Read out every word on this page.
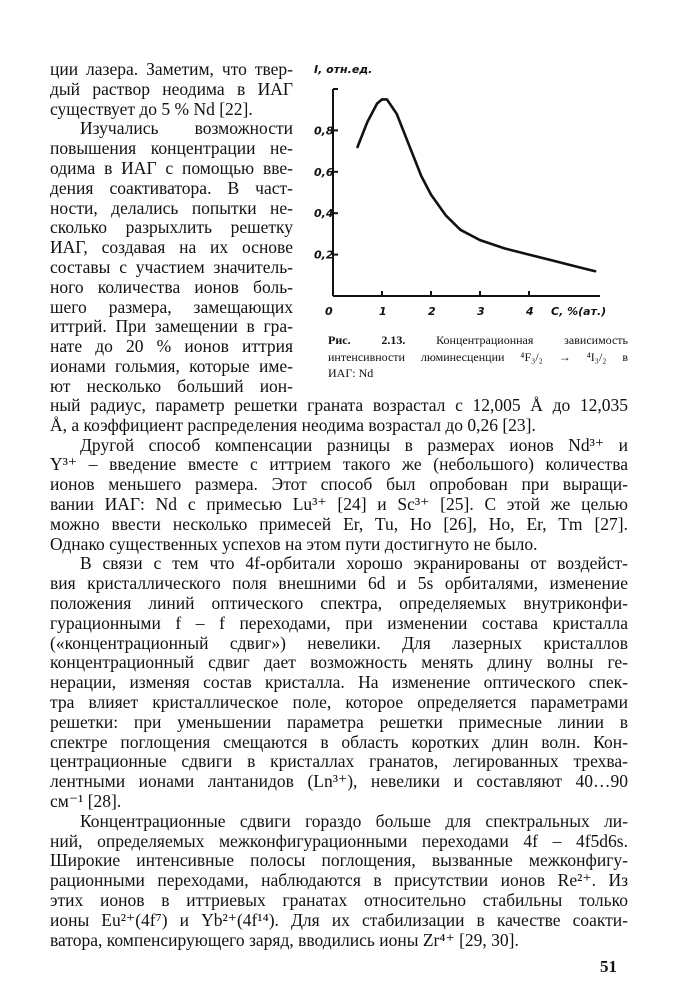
ции лазера. Заметим, что твер-
дый раствор неодима в ИАГ
существует до 5 % Nd [22].
Изучались возможности
повышения концентрации не-
одима в ИАГ с помощью вве-
дения соактиватора. В част-
ности, делались попытки не-
сколько разрыхлить решетку
ИАГ, создавая на их основе
составы с участием значитель-
ного количества ионов боль-
шего размера, замещающих
иттрий. При замещении в гра-
нате до 20 % ионов иттрия
ионами гольмия, которые име-
ют несколько больший ион-
0,2
0,4
0,6
0,8
0	1	2	3	4 C, %(ат.)
I, отн.ед.
Рис. 2.13.	Концентрационная зависимость
интенсивности люминесценции ⁴F₃/₂ → ⁴I₃/₂ в
ИАГ: Nd
ный радиус, параметр решетки граната возрастал с 12,005 Å до 12,035
Å, а коэффициент распределения неодима возрастал до 0,26 [23].
Другой способ компенсации разницы в размерах ионов Nd³⁺ и
Y³⁺ – введение вместе с иттрием такого же (небольшого) количества
ионов меньшего размера. Этот способ был опробован при выращи-
вании ИАГ: Nd с примесью Lu³⁺ [24] и Sc³⁺ [25]. С этой же целью
можно ввести несколько примесей Er, Tu, Ho [26], Ho, Er, Tm [27].
Однако существенных успехов на этом пути достигнуто не было.
В связи с тем что 4f-орбитали хорошо экранированы от воздейст-
вия кристаллического поля внешними 6d и 5s орбиталями, изменение
положения линий оптического спектра, определяемых внутриконфи-
гурационными f – f переходами, при изменении состава кристалла
(«концентрационный сдвиг») невелики. Для лазерных кристаллов
концентрационный сдвиг дает возможность менять длину волны ге-
нерации, изменяя состав кристалла. На изменение оптического спек-
тра влияет кристаллическое поле, которое определяется параметрами
решетки: при уменьшении параметра решетки примесные линии в
спектре поглощения смещаются в область коротких длин волн. Кон-
центрационные сдвиги в кристаллах гранатов, легированных трехва-
лентными ионами лантанидов (Ln³⁺), невелики и составляют 40…90
см⁻¹ [28].
Концентрационные сдвиги гораздо больше для спектральных ли-
ний, определяемых межконфигурационными переходами 4f – 4f5d6s.
Широкие интенсивные полосы поглощения, вызванные межконфигу-
рационными переходами, наблюдаются в присутствии ионов Re²⁺. Из
этих ионов в иттриевых гранатах относительно стабильны только
ионы Eu²⁺(4f⁷) и Yb²⁺(4f¹⁴). Для их стабилизации в качестве соакти-
ватора, компенсирующего заряд, вводились ионы Zr⁴⁺ [29, 30].
51
